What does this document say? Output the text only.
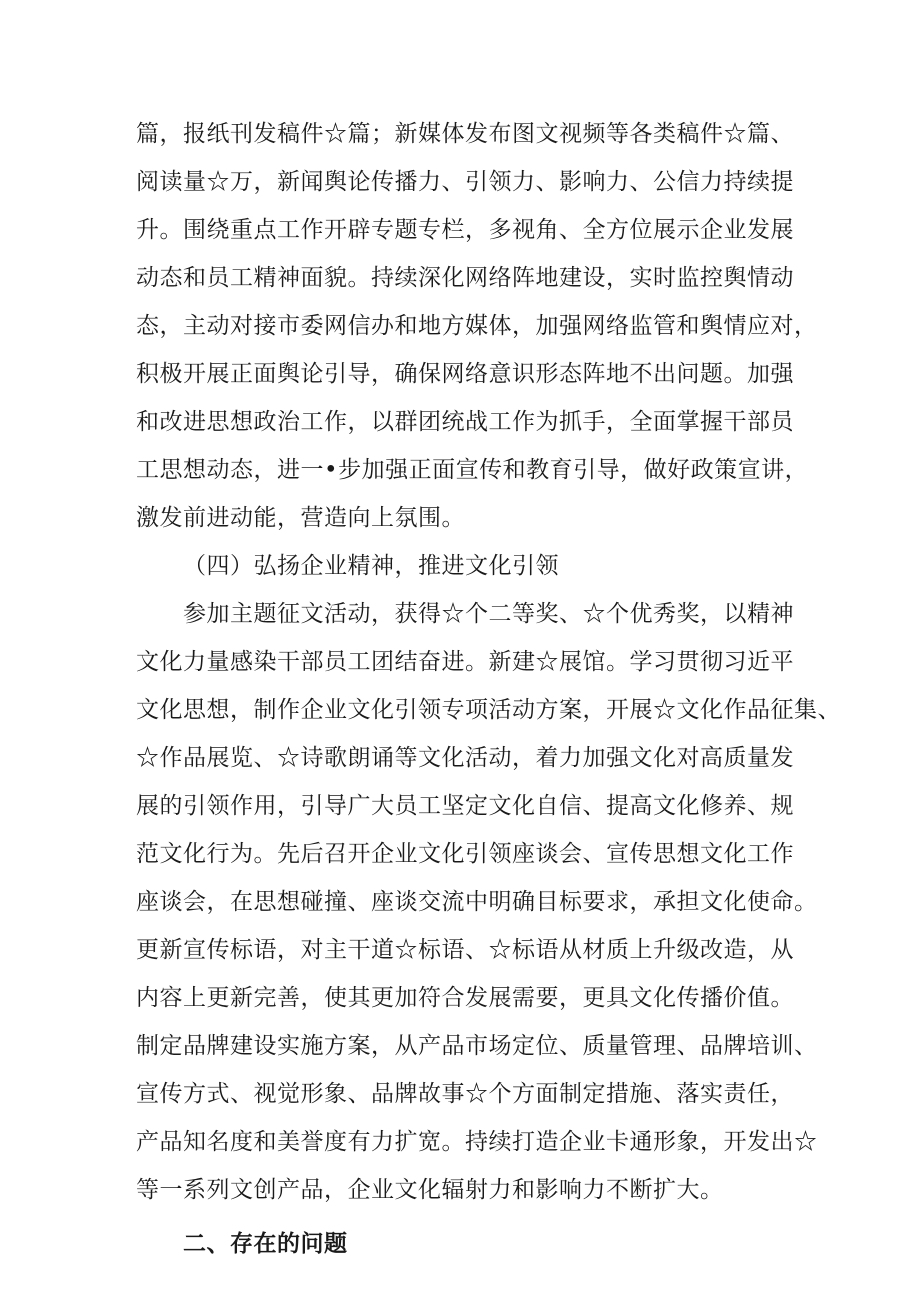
篇，报纸刊发稿件☆篇；新媒体发布图文视频等各类稿件☆篇、
阅读量☆万，新闻舆论传播力、引领力、影响力、公信力持续提
升。围绕重点工作开辟专题专栏，多视角、全方位展示企业发展
动态和员工精神面貌。持续深化网络阵地建设，实时监控舆情动
态，主动对接市委网信办和地方媒体，加强网络监管和舆情应对，
积极开展正面舆论引导，确保网络意识形态阵地不出问题。加强
和改进思想政治工作，以群团统战工作为抓手，全面掌握干部员
工思想动态，进一•步加强正面宣传和教育引导，做好政策宣讲，
激发前进动能，营造向上氛围。
（四）弘扬企业精神，推进文化引领
参加主题征文活动，获得☆个二等奖、☆个优秀奖，以精神
文化力量感染干部员工团结奋进。新建☆展馆。学习贯彻习近平
文化思想，制作企业文化引领专项活动方案，开展☆文化作品征集、
☆作品展览、☆诗歌朗诵等文化活动，着力加强文化对高质量发
展的引领作用，引导广大员工坚定文化自信、提高文化修养、规
范文化行为。先后召开企业文化引领座谈会、宣传思想文化工作
座谈会，在思想碰撞、座谈交流中明确目标要求，承担文化使命。
更新宣传标语，对主干道☆标语、☆标语从材质上升级改造，从
内容上更新完善，使其更加符合发展需要，更具文化传播价值。
制定品牌建设实施方案，从产品市场定位、质量管理、品牌培训、
宣传方式、视觉形象、品牌故事☆个方面制定措施、落实责任，
产品知名度和美誉度有力扩宽。持续打造企业卡通形象，开发出☆
等一系列文创产品，企业文化辐射力和影响力不断扩大。
二、存在的问题
